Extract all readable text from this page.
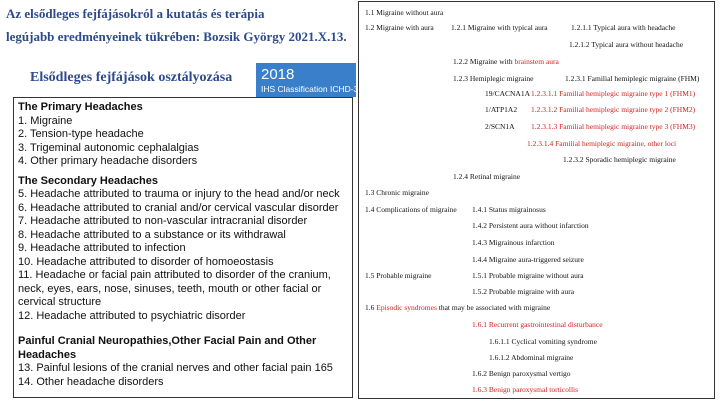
Az elsődleges fejfájásokról a kutatás és terápia
legújabb eredményeinek tükrében: Bozsik György 2021.X.13.
Elsődleges fejfájások osztályozása 2018
IHS Classification ICHD-3
The Primary Headaches
1. Migraine
2. Tension-type headache
3. Trigeminal autonomic cephalalgias
4. Other primary headache disorders
The Secondary Headaches
5. Headache attributed to trauma or injury to the head and/or neck
6. Headache attributed to cranial and/or cervical vascular disorder
7. Headache attributed to non-vascular intracranial disorder
8. Headache attributed to a substance or its withdrawal
9. Headache attributed to infection
10. Headache attributed to disorder of homoeostasis
11. Headache or facial pain attributed to disorder of the cranium, neck, eyes, ears, nose, sinuses, teeth, mouth or other facial or cervical structure
12. Headache attributed to psychiatric disorder
Painful Cranial Neuropathies,Other Facial Pain and Other Headaches
13. Painful lesions of the cranial nerves and other facial pain 165
14. Other headache disorders
1.1 Migraine without aura
1.2 Migraine with aura 1.2.1 Migraine with typical aura	1.2.1.1 Typical aura with headache
1.2.1.2 Typical aura without headache
1.2.2 Migraine with brainstem aura
1.2.3 Hemiplegic migraine	1.2.3.1 Familial hemiplegic migraine (FHM)
19/CACNA1A 1.2.3.1.1 Familial hemiplegic migraine type 1 (FHM1)
1/ATP1A2 1.2.3.1.2 Familial hemiplegic migraine type 2 (FHM2)
2/SCN1A 1.2.3.1.3 Familial hemiplegic migraine type 3 (FHM3)
1.2.3.1.4 Familial hemiplegic migraine, other loci
1.2.3.2 Sporadic hemiplegic migraine
1.2.4 Retinal migraine
1.3 Chronic migraine
1.4 Complications of migraine 1.4.1 Status migrainosus
1.4.2 Persistent aura without infarction
1.4.3 Migrainous infarction
1.4.4 Migraine aura-triggered seizure
1.5 Probable migraine	1.5.1 Probable migraine without aura
1.5.2 Probable migraine with aura
1.6 Episodic syndromes that may be associated with migraine
1.6.1 Recurrent gastrointestinal disturbance
1.6.1.1 Cyclical vomiting syndrome
1.6.1.2 Abdominal migraine
1.6.2 Benign paroxysmal vertigo
1.6.3 Benign paroxysmal torticollis
